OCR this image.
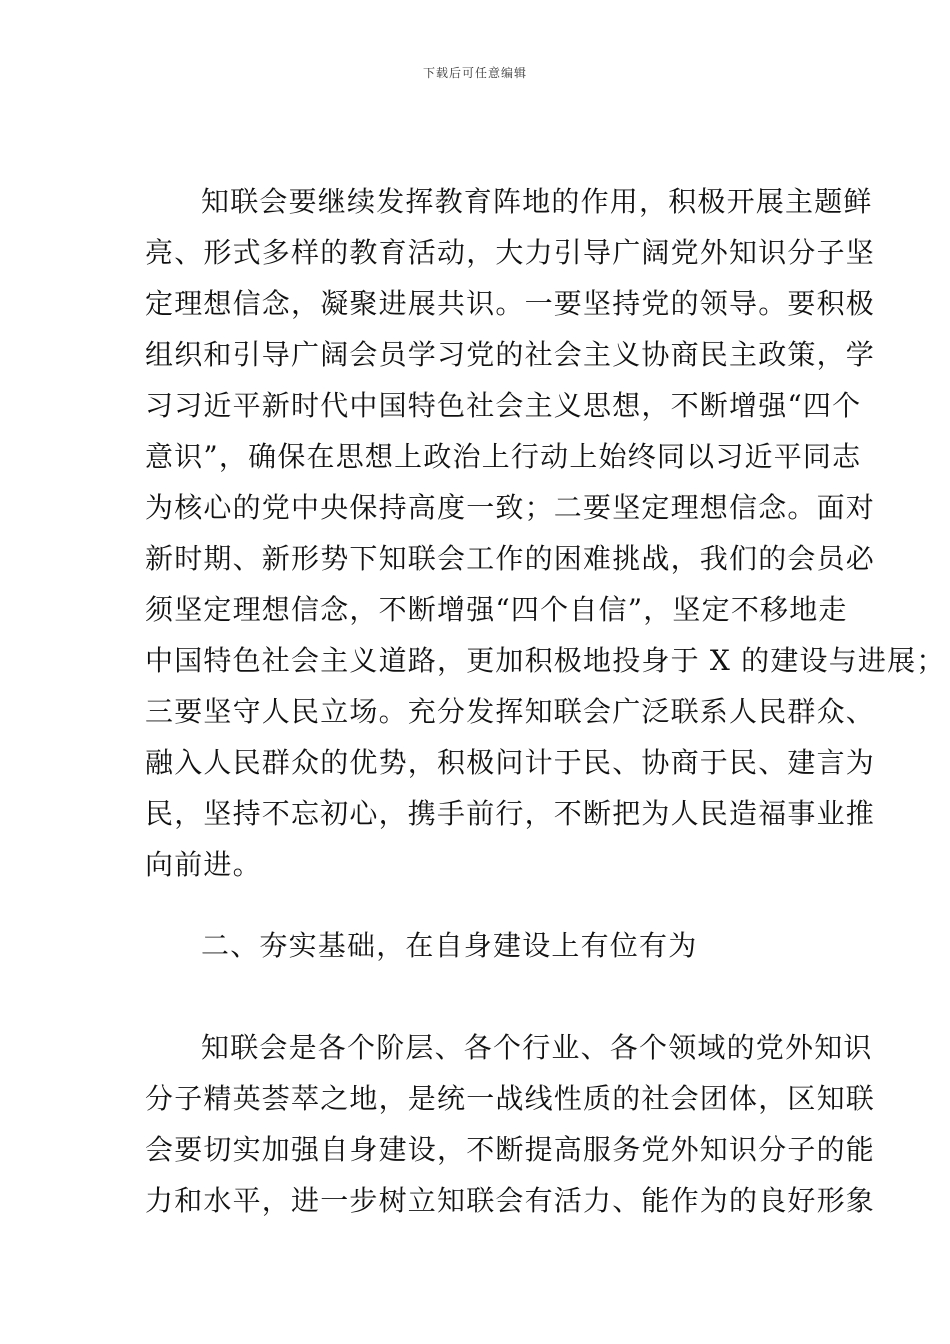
下载后可任意编辑
知联会要继续发挥教育阵地的作用，积极开展主题鲜
亮、形式多样的教育活动，大力引导广阔党外知识分子坚
定理想信念，凝聚进展共识。一要坚持党的领导。要积极
组织和引导广阔会员学习党的社会主义协商民主政策，学
习习近平新时代中国特色社会主义思想，不断增强“四个
意识”，确保在思想上政治上行动上始终同以习近平同志
为核心的党中央保持高度一致；二要坚定理想信念。面对
新时期、新形势下知联会工作的困难挑战，我们的会员必
须坚定理想信念，不断增强“四个自信”，坚定不移地走
中国特色社会主义道路，更加积极地投身于 X 的建设与进展；
三要坚守人民立场。充分发挥知联会广泛联系人民群众、
融入人民群众的优势，积极问计于民、协商于民、建言为
民，坚持不忘初心，携手前行，不断把为人民造福事业推
向前进。
二、夯实基础，在自身建设上有位有为
知联会是各个阶层、各个行业、各个领域的党外知识
分子精英荟萃之地，是统一战线性质的社会团体，区知联
会要切实加强自身建设，不断提高服务党外知识分子的能
力和水平，进一步树立知联会有活力、能作为的良好形象
